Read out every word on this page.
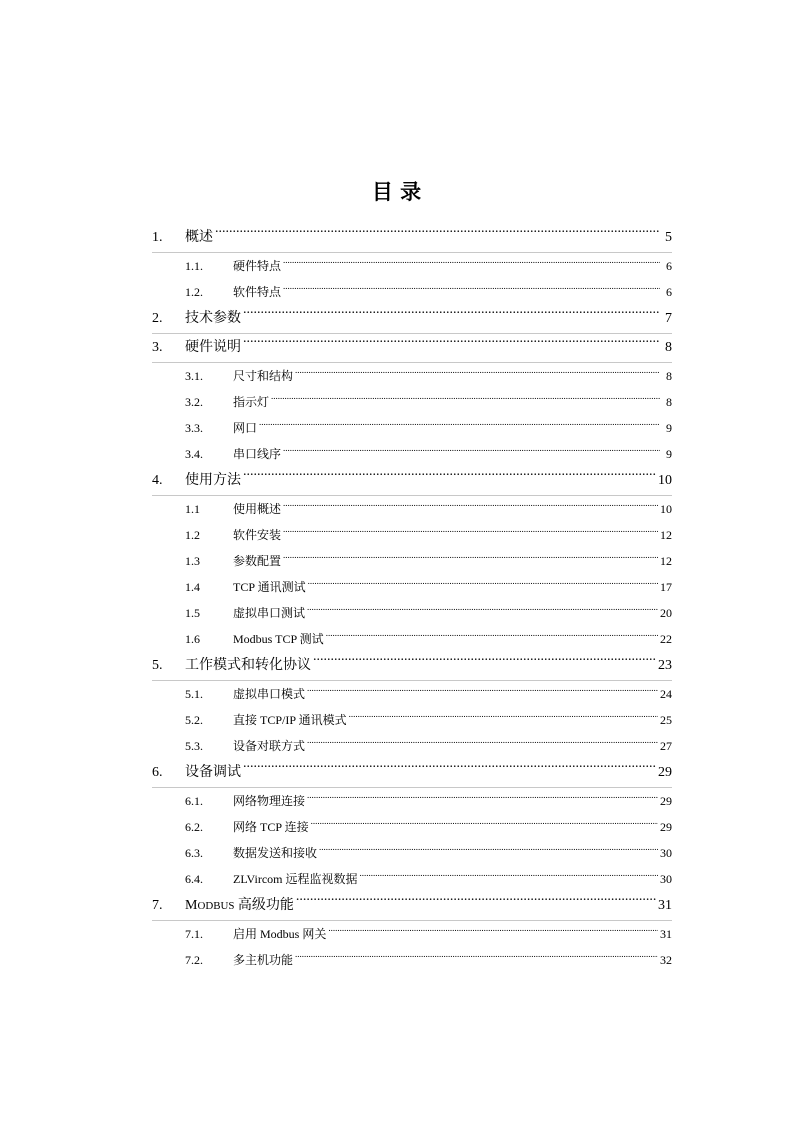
目 录
1.	概述 .....	5
1.1.	硬件特点 .....	6
1.2.	软件特点 .....	6
2.	技术参数 .....	7
3.	硬件说明 .....	8
3.1.	尺寸和结构 .....	8
3.2.	指示灯 .....	8
3.3.	网口 .....	9
3.4.	串口线序 .....	9
4.	使用方法 .....	10
1.1	使用概述 .....	10
1.2	软件安装 .....	12
1.3	参数配置 .....	12
1.4	TCP 通讯测试 .....	17
1.5	虚拟串口测试 .....	20
1.6	Modbus TCP 测试 .....	22
5.	工作模式和转化协议 .....	23
5.1.	虚拟串口模式 .....	24
5.2.	直接 TCP/IP 通讯模式 .....	25
5.3.	设备对联方式 .....	27
6.	设备调试 .....	29
6.1.	网络物理连接 .....	29
6.2.	网络 TCP 连接 .....	29
6.3.	数据发送和接收 .....	30
6.4.	ZLVircom 远程监视数据 .....	30
7.	MODBUS 高级功能 .....	31
7.1.	启用 Modbus 网关 .....	31
7.2.	多主机功能 .....	32
